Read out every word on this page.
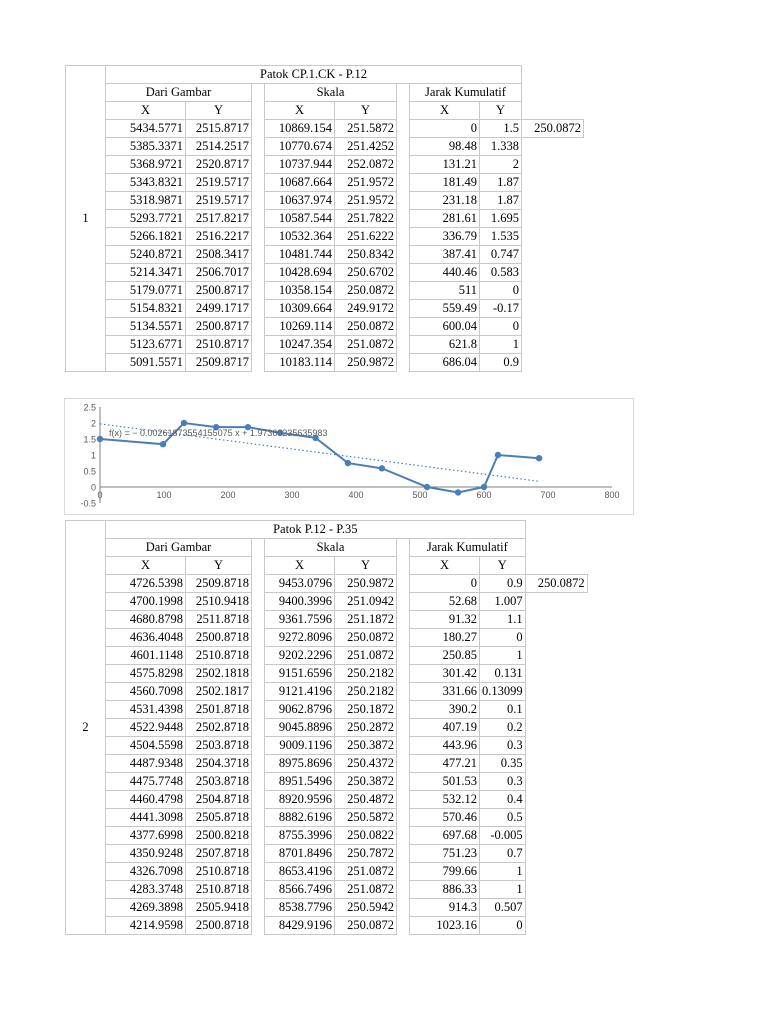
1	Patok CP.1.CK - P.12								
	Dari Gambar			Skala			Jarak Kumulatif		
	X	Y		X	Y		X	Y	
	5434.5771	2515.8717		10869.154	251.5872		0	1.5	250.0872
	5385.3371	2514.2517		10770.674	251.4252		98.48	1.338	
	5368.9721	2520.8717		10737.944	252.0872		131.21	2	
	5343.8321	2519.5717		10687.664	251.9572		181.49	1.87	
	5318.9871	2519.5717		10637.974	251.9572		231.18	1.87	
	5293.7721	2517.8217		10587.544	251.7822		281.61	1.695	
	5266.1821	2516.2217		10532.364	251.6222		336.79	1.535	
	5240.8721	2508.3417		10481.744	250.8342		387.41	0.747	
	5214.3471	2506.7017		10428.694	250.6702		440.46	0.583	
	5179.0771	2500.8717		10358.154	250.0872		511	0	
	5154.8321	2499.1717		10309.664	249.9172		559.49	-0.17	
	5134.5571	2500.8717		10269.114	250.0872		600.04	0	
	5123.6771	2510.8717		10247.354	251.0872		621.8	1	
	5091.5571	2509.8717		10183.114	250.9872		686.04	0.9	
2.5
2
1.5
1
0.5
0
-0.5
0	100	200	300	400	500	600	700	800
f(x) = − 0.00261873554155075 x + 1.97360235635983
2	Patok P.12 - P.35								
	Dari Gambar			Skala			Jarak Kumulatif		
	X	Y		X	Y		X	Y	
	4726.5398	2509.8718		9453.0796	250.9872		0	0.9	250.0872
	4700.1998	2510.9418		9400.3996	251.0942		52.68	1.007	
	4680.8798	2511.8718		9361.7596	251.1872		91.32	1.1	
	4636.4048	2500.8718		9272.8096	250.0872		180.27	0	
	4601.1148	2510.8718		9202.2296	251.0872		250.85	1	
	4575.8298	2502.1818		9151.6596	250.2182		301.42	0.131	
	4560.7098	2502.1817		9121.4196	250.2182		331.66	0.13099	
	4531.4398	2501.8718		9062.8796	250.1872		390.2	0.1	
	4522.9448	2502.8718		9045.8896	250.2872		407.19	0.2	
	4504.5598	2503.8718		9009.1196	250.3872		443.96	0.3	
	4487.9348	2504.3718		8975.8696	250.4372		477.21	0.35	
	4475.7748	2503.8718		8951.5496	250.3872		501.53	0.3	
	4460.4798	2504.8718		8920.9596	250.4872		532.12	0.4	
	4441.3098	2505.8718		8882.6196	250.5872		570.46	0.5	
	4377.6998	2500.8218		8755.3996	250.0822		697.68	-0.005	
	4350.9248	2507.8718		8701.8496	250.7872		751.23	0.7	
	4326.7098	2510.8718		8653.4196	251.0872		799.66	1	
	4283.3748	2510.8718		8566.7496	251.0872		886.33	1	
	4269.3898	2505.9418		8538.7796	250.5942		914.3	0.507	
	4214.9598	2500.8718		8429.9196	250.0872		1023.16	0	
